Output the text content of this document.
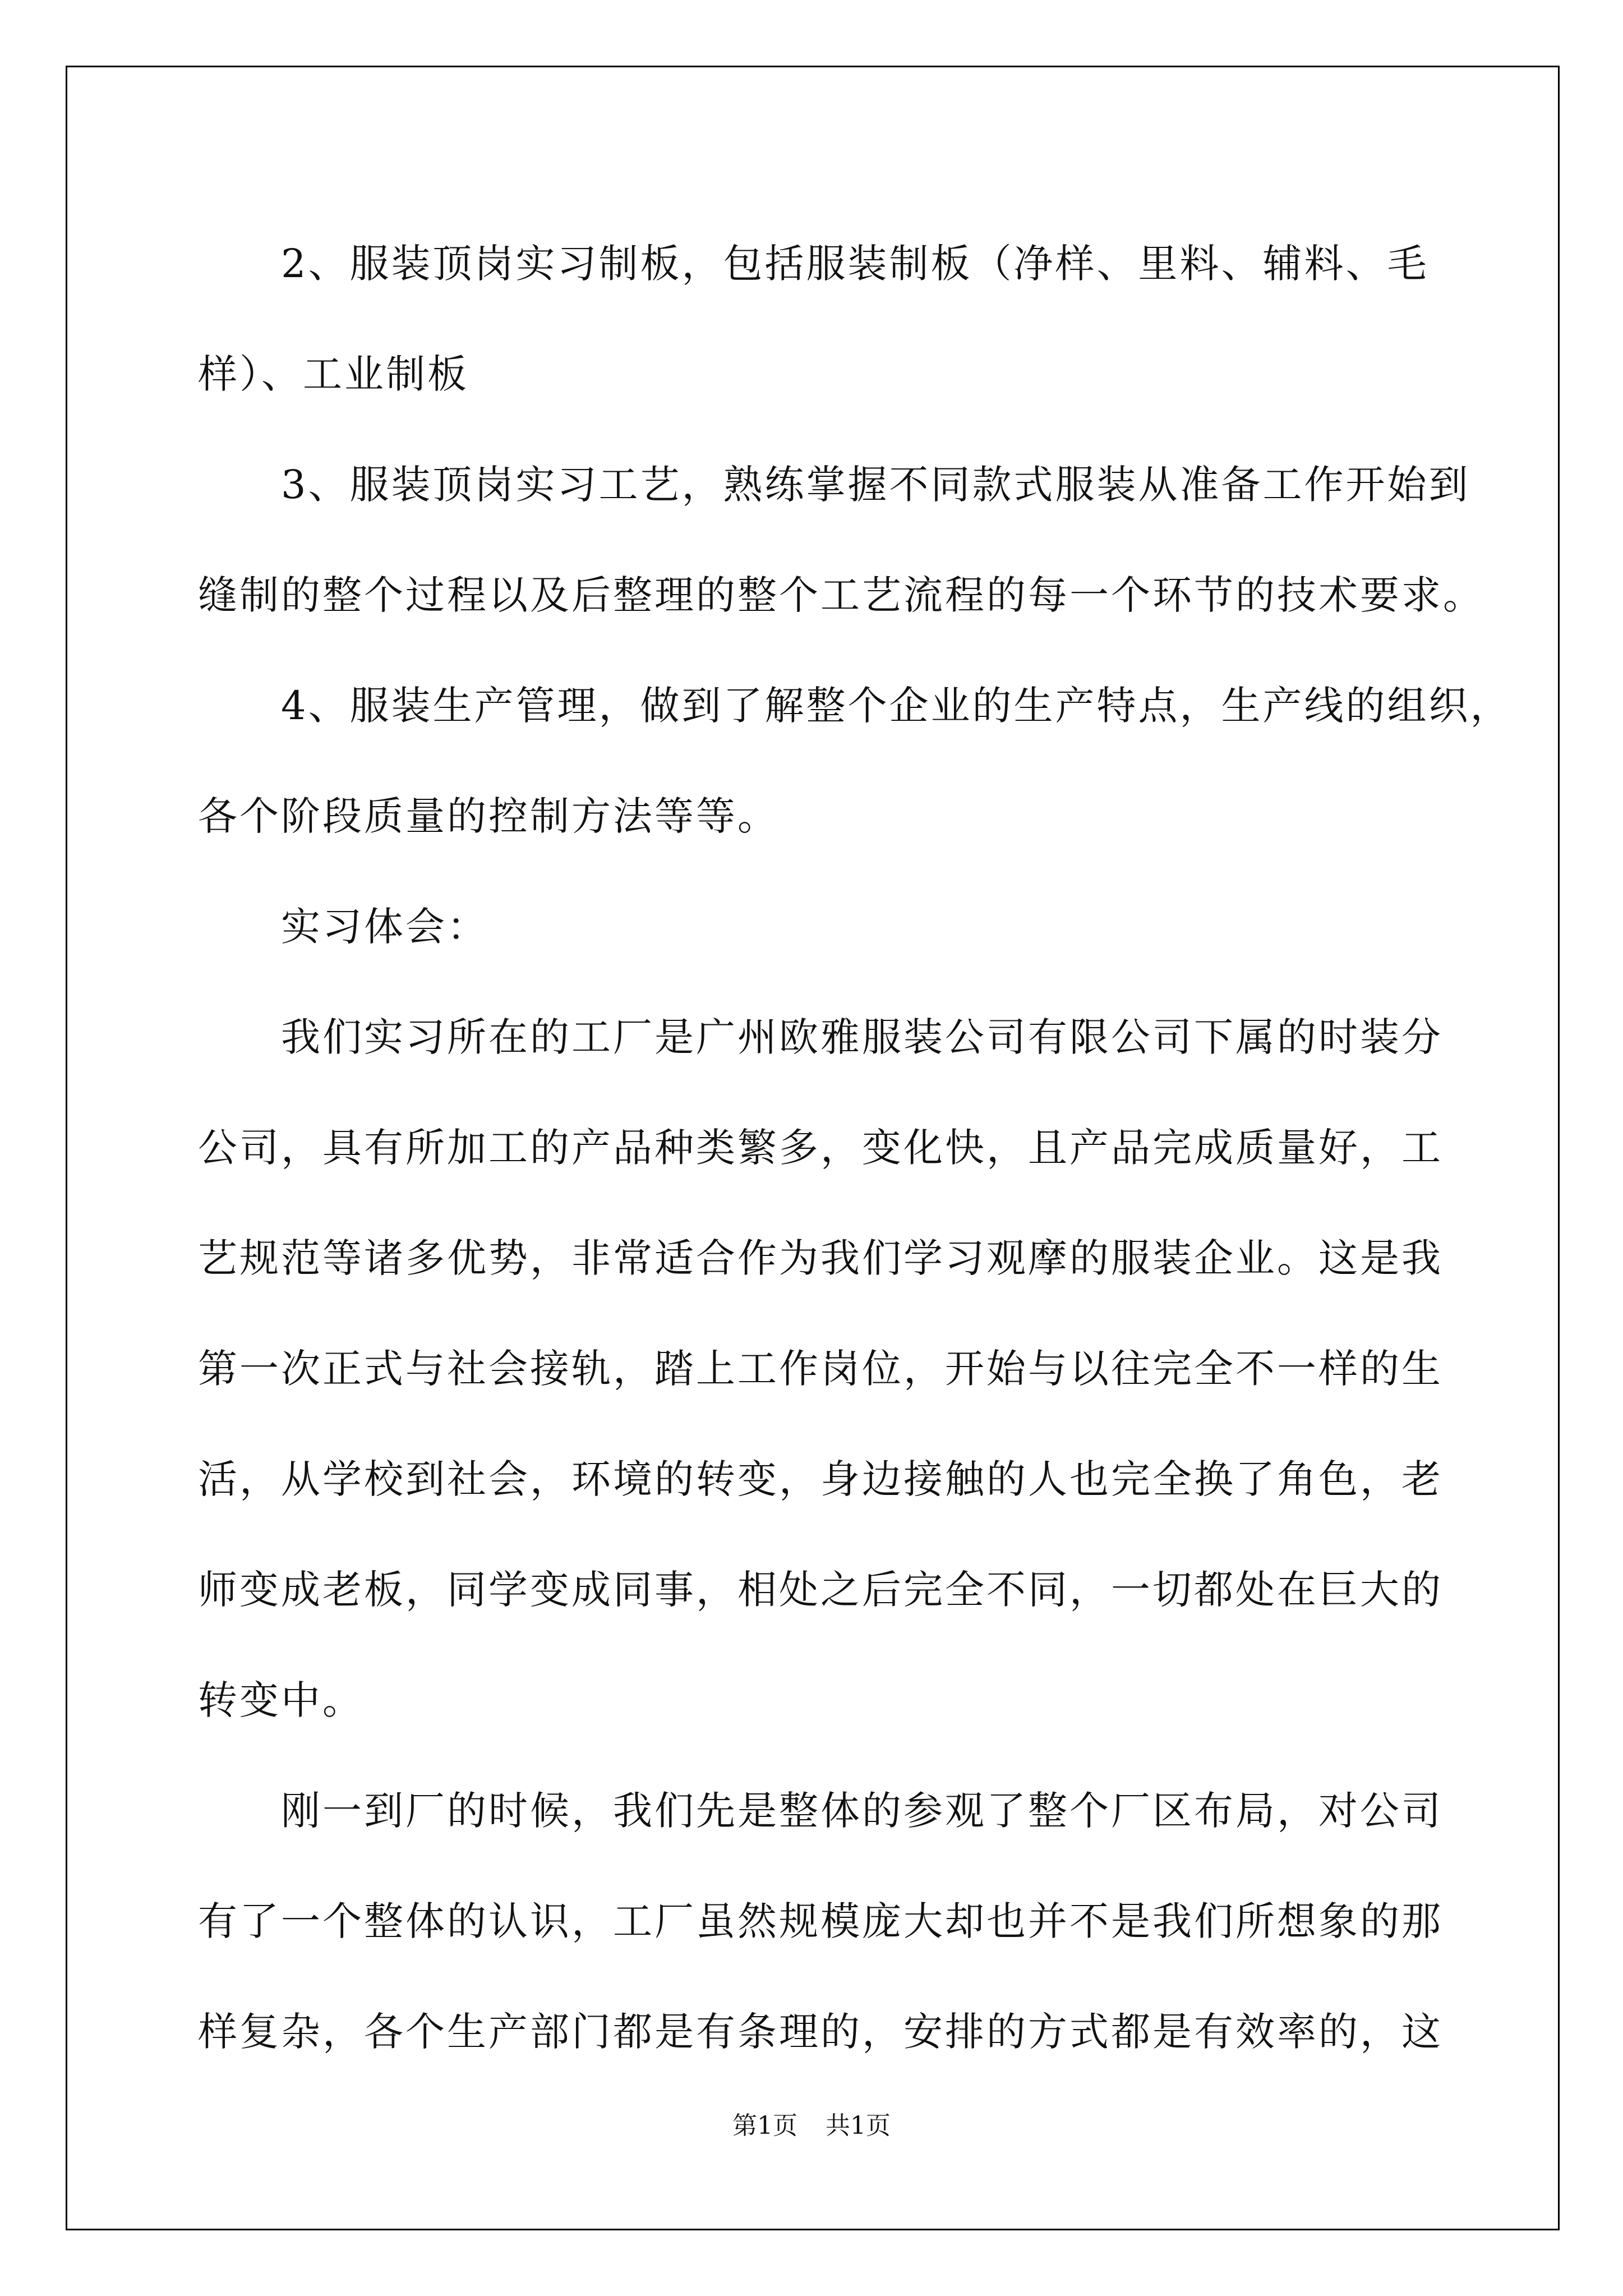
2、服装顶岗实习制板，包括服装制板（净样、里料、辅料、毛
样）、工业制板

3、服装顶岗实习工艺，熟练掌握不同款式服装从准备工作开始到
缝制的整个过程以及后整理的整个工艺流程的每一个环节的技术要求。

4、服装生产管理，做到了解整个企业的生产特点，生产线的组织，
各个阶段质量的控制方法等等。

实习体会：

我们实习所在的工厂是广州欧雅服装公司有限公司下属的时装分
公司，具有所加工的产品种类繁多，变化快，且产品完成质量好，工
艺规范等诸多优势，非常适合作为我们学习观摩的服装企业。这是我
第一次正式与社会接轨，踏上工作岗位，开始与以往完全不一样的生
活，从学校到社会，环境的转变，身边接触的人也完全换了角色，老
师变成老板，同学变成同事，相处之后完全不同，一切都处在巨大的
转变中。

刚一到厂的时候，我们先是整体的参观了整个厂区布局，对公司
有了一个整体的认识，工厂虽然规模庞大却也并不是我们所想象的那
样复杂，各个生产部门都是有条理的，安排的方式都是有效率的，这

第1页 共1页
